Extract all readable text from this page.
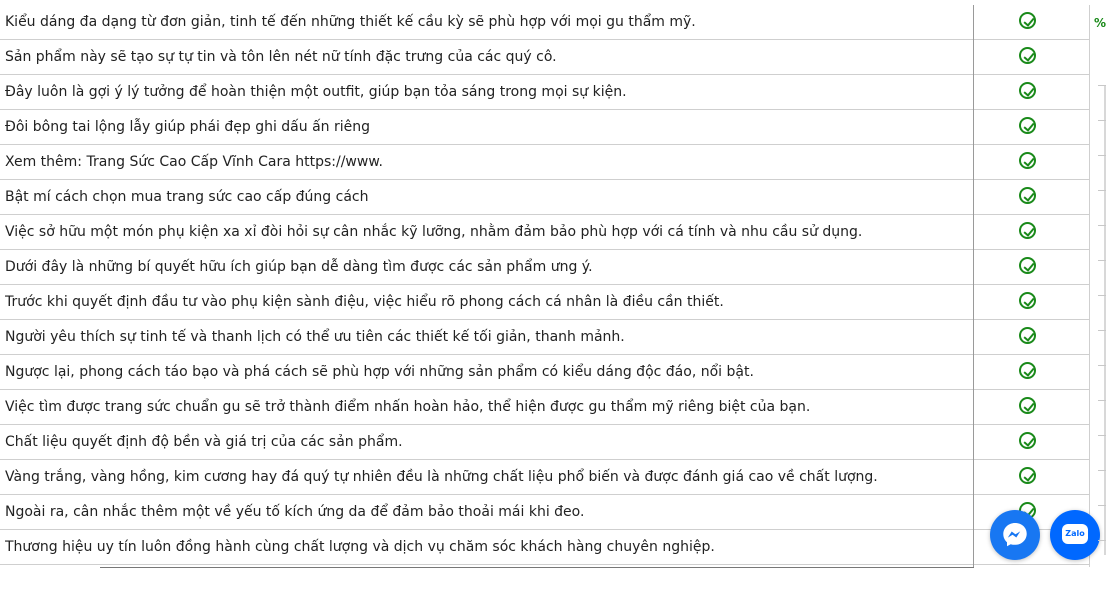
Kiểu dáng đa dạng từ đơn giản, tinh tế đến những thiết kế cầu kỳ sẽ phù hợp với mọi gu thẩm mỹ.
Sản phẩm này sẽ tạo sự tự tin và tôn lên nét nữ tính đặc trưng của các quý cô.
Đây luôn là gợi ý lý tưởng để hoàn thiện một outfit, giúp bạn tỏa sáng trong mọi sự kiện.
Đôi bông tai lộng lẫy giúp phái đẹp ghi dấu ấn riêng
Xem thêm: Trang Sức Cao Cấp Vĩnh Cara https://www.
Bật mí cách chọn mua trang sức cao cấp đúng cách
Việc sở hữu một món phụ kiện xa xỉ đòi hỏi sự cân nhắc kỹ lưỡng, nhằm đảm bảo phù hợp với cá tính và nhu cầu sử dụng.
Dưới đây là những bí quyết hữu ích giúp bạn dễ dàng tìm được các sản phẩm ưng ý.
Trước khi quyết định đầu tư vào phụ kiện sành điệu, việc hiểu rõ phong cách cá nhân là điều cần thiết.
Người yêu thích sự tinh tế và thanh lịch có thể ưu tiên các thiết kế tối giản, thanh mảnh.
Ngược lại, phong cách táo bạo và phá cách sẽ phù hợp với những sản phẩm có kiểu dáng độc đáo, nổi bật.
Việc tìm được trang sức chuẩn gu sẽ trở thành điểm nhấn hoàn hảo, thể hiện được gu thẩm mỹ riêng biệt của bạn.
Chất liệu quyết định độ bền và giá trị của các sản phẩm.
Vàng trắng, vàng hồng, kim cương hay đá quý tự nhiên đều là những chất liệu phổ biến và được đánh giá cao về chất lượng.
Ngoài ra, cân nhắc thêm một về yếu tố kích ứng da để đảm bảo thoải mái khi đeo.
Thương hiệu uy tín luôn đồng hành cùng chất lượng và dịch vụ chăm sóc khách hàng chuyên nghiệp.
%
Zalo
